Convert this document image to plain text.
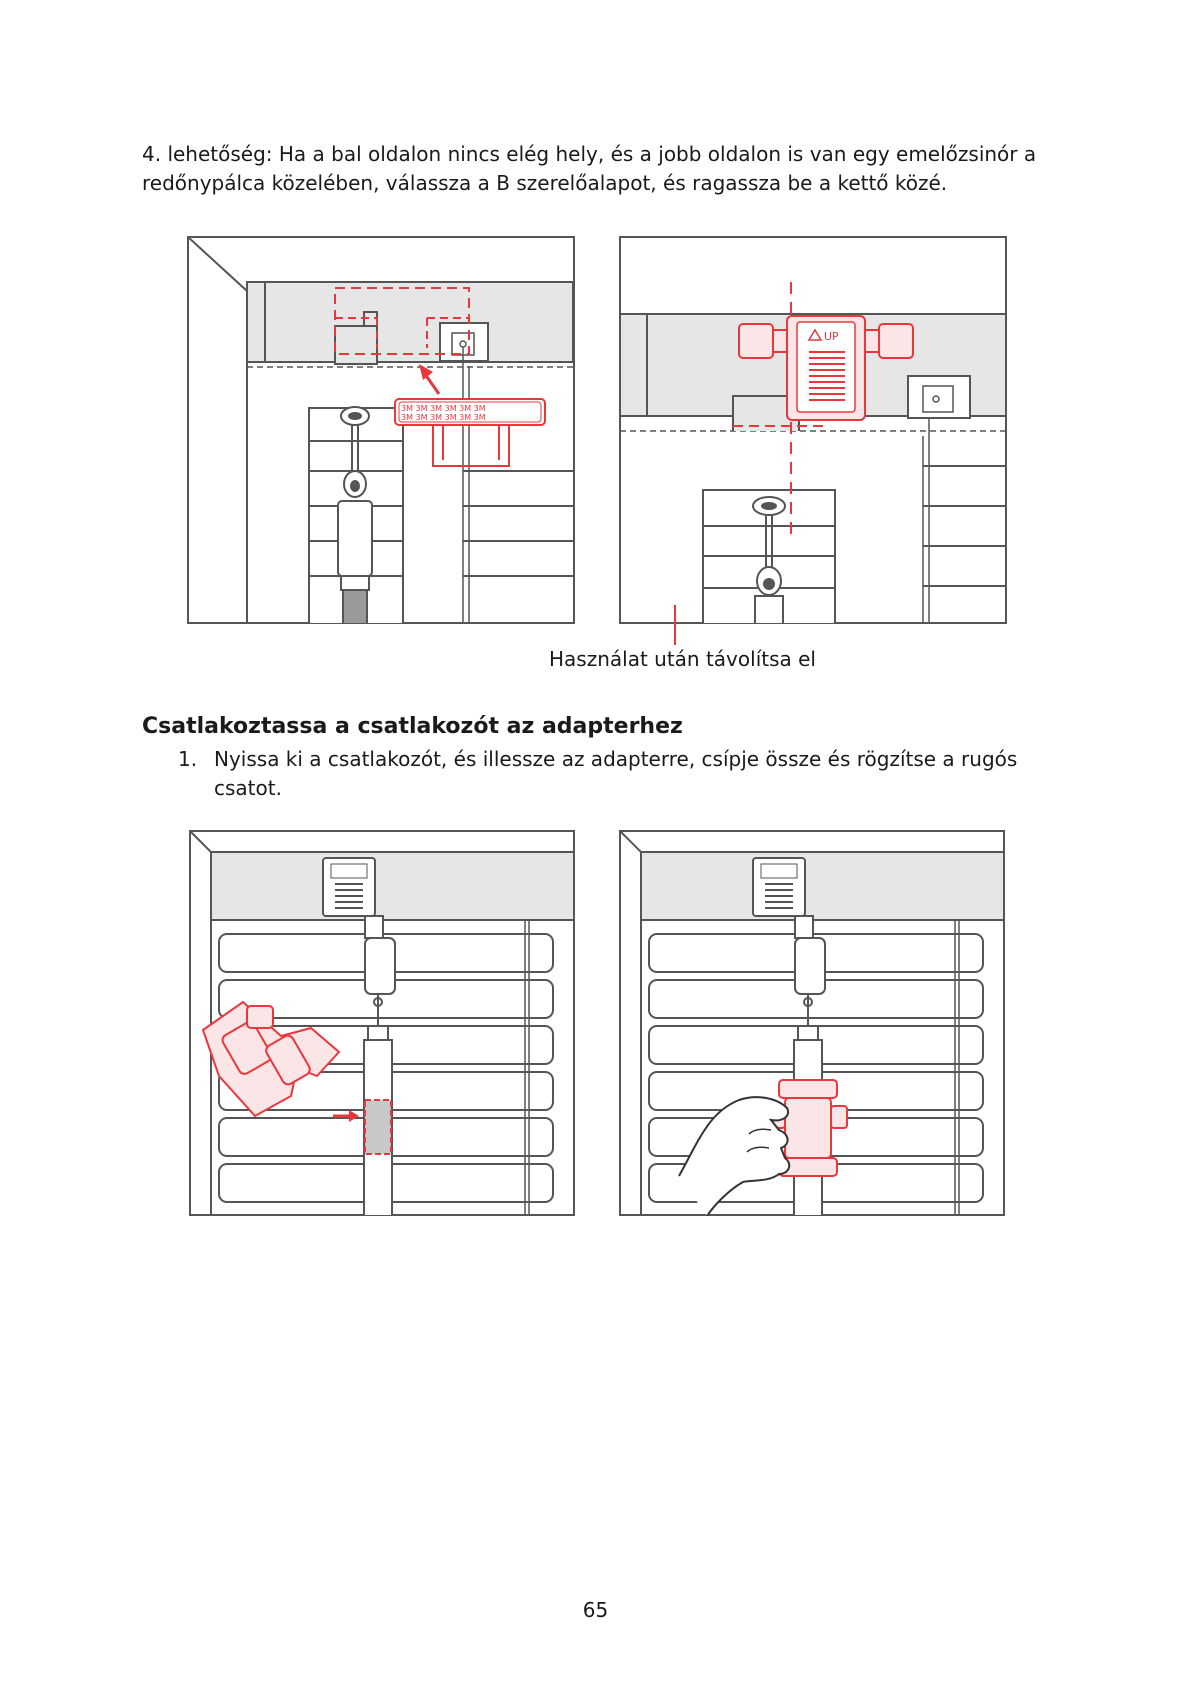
4. lehetőség: Ha a bal oldalon nincs elég hely, és a jobb oldalon is van egy emelőzsinór a

redőnypálca közelében, válassza a B szerelőalapot, és ragassza be a kettő közé.

3M 3M 3M 3M 3M 3M
3M 3M 3M 3M 3M 3M
UP
Használat után távolítsa el
Csatlakoztassa a csatlakozót az adapterhez
1. Nyissa ki a csatlakozót, és illessze az adapterre, csípje össze és rögzítse a rugós csatot.
65
